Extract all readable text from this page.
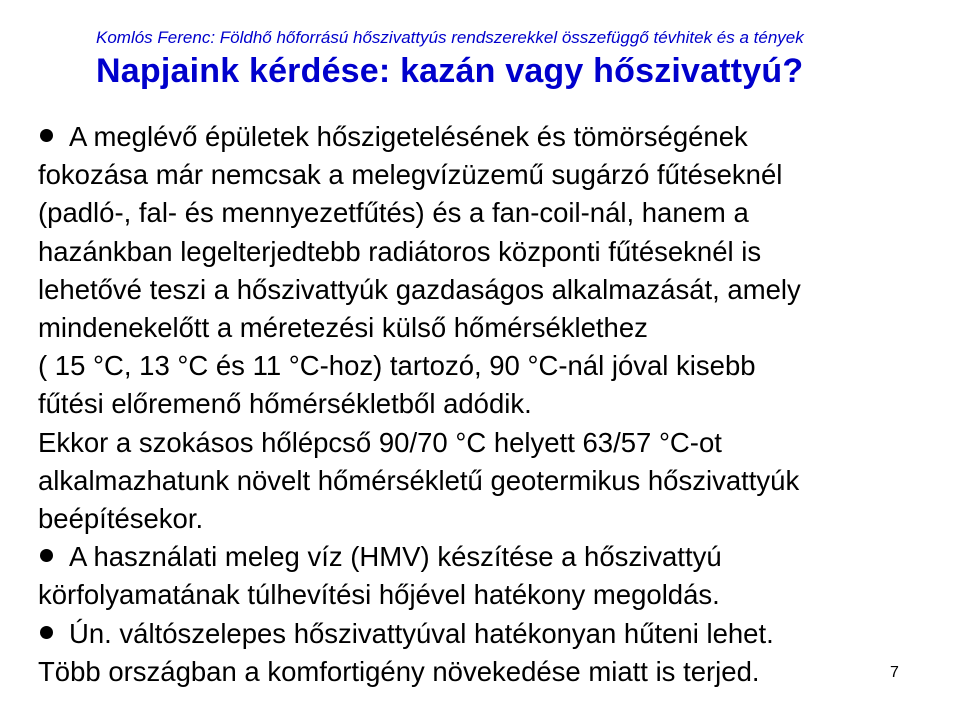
Komlós Ferenc: Földhő hőforrású hőszivattyús rendszerekkel összefüggő tévhitek és a tények
Napjaink kérdése: kazán vagy hőszivattyú?

A meglévő épületek hőszigetelésének és tömörségének
fokozása már nemcsak a melegvízüzemű sugárzó fűtéseknél
(padló-, fal- és mennyezetfűtés) és a fan-coil-nál, hanem a
hazánkban legelterjedtebb radiátoros központi fűtéseknél is
lehetővé teszi a hőszivattyúk gazdaságos alkalmazását, amely
mindenekelőtt a méretezési külső hőmérséklethez
( 15 °C, 13 °C és 11 °C-hoz) tartozó, 90 °C-nál jóval kisebb
fűtési előremenő hőmérsékletből adódik.

Ekkor a szokásos hőlépcső 90/70 °C helyett 63/57 °C-ot
alkalmazhatunk növelt hőmérsékletű geotermikus hőszivattyúk
beépítésekor.

A használati meleg víz (HMV) készítése a hőszivattyú
körfolyamatának túlhevítési hőjével hatékony megoldás.

Ún. váltószelepes hőszivattyúval hatékonyan hűteni lehet.
Több országban a komfortigény növekedése miatt is terjed.	7
